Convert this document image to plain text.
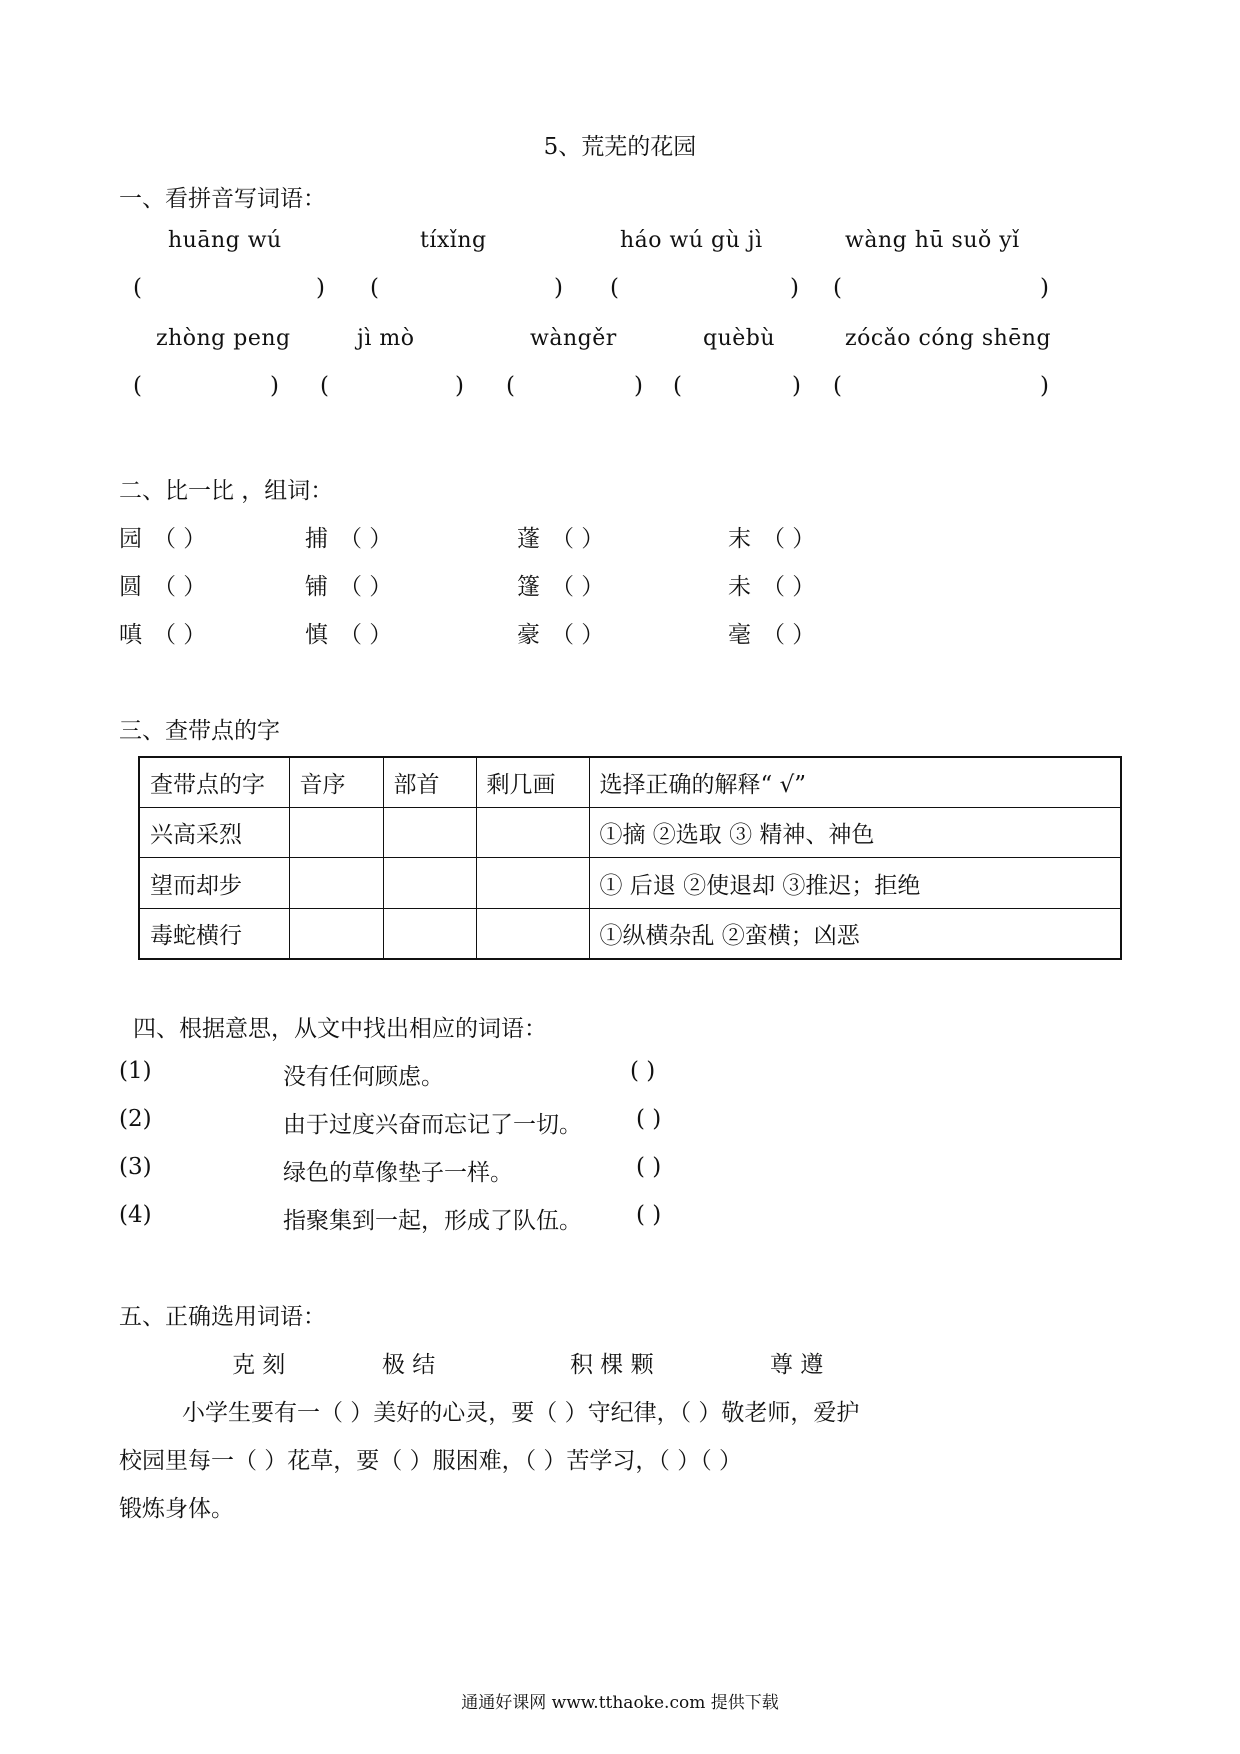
5、荒芜的花园
一、看拼音写词语：
huāng wú	tíxǐng	háo wú gù jì	wàng hū suǒ yǐ
(	) (	) (	) (	)
zhòng peng	jì mò	wàngěr	quèbù	zócǎo cóng shēng
(	) (	) (	) (	) (	)
二、比一比 ，组词：
园 （ ）	捕 （ ）	蓬 （ ）	末 （ ）
圆 （ ）	铺 （ ）	篷 （ ）	未 （ ）
嗔 （ ）	慎 （ ）	豪 （ ）	毫 （ ）
三、查带点的字
查带点的字	音序	部首	剩几画	选择正确的解释“ √”
兴高采烈				①摘 ②选取 ③ 精神、神色
望而却步				① 后退 ②使退却 ③推迟；拒绝
毒蛇横行				①纵横杂乱 ②蛮横；凶恶
四、根据意思，从文中找出相应的词语：
(1)	没有任何顾虑。	( )
(2)	由于过度兴奋而忘记了一切。 ( )
(3)	绿色的草像垫子一样。	( )
(4)	指聚集到一起，形成了队伍。 ( )
五、正确选用词语：
克 刻	极 结	积 棵 颗	尊 遵
小学生要有一（ ）美好的心灵，要（ ）守纪律，（ ）敬老师，爱护
校园里每一（ ）花草，要（ ）服困难，（ ）苦学习，（ ）（ ）
锻炼身体。
通通好课网 www.tthaoke.com 提供下载
